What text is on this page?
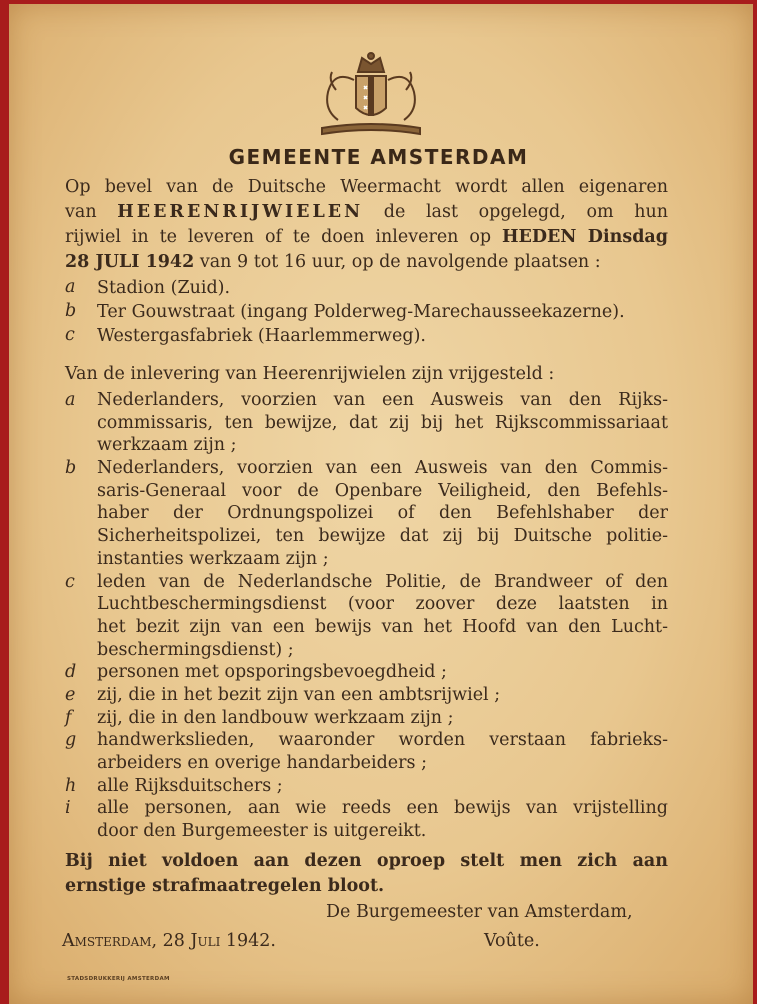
GEMEENTE AMSTERDAM
Op bevel van de Duitsche Weermacht wordt allen eigenaren
van HEERENRIJWIELEN de last opgelegd, om hun
rijwiel in te leveren of te doen inleveren op HEDEN Dinsdag
28 JULI 1942 van 9 tot 16 uur, op de navolgende plaatsen :
a Stadion (Zuid).
b Ter Gouwstraat (ingang Polderweg-Marechausseekazerne).
c Westergasfabriek (Haarlemmerweg).
Van de inlevering van Heerenrijwielen zijn vrijgesteld :
a Nederlanders, voorzien van een Ausweis van den Rijks-
commissaris, ten bewijze, dat zij bij het Rijkscommissariaat
werkzaam zijn ;
b Nederlanders, voorzien van een Ausweis van den Commis-
saris-Generaal voor de Openbare Veiligheid, den Befehls-
haber der Ordnungspolizei of den Befehlshaber der
Sicherheitspolizei, ten bewijze dat zij bij Duitsche politie-
instanties werkzaam zijn ;
c leden van de Nederlandsche Politie, de Brandweer of den
Luchtbeschermingsdienst (voor zoover deze laatsten in
het bezit zijn van een bewijs van het Hoofd van den Lucht-
beschermingsdienst) ;
d personen met opsporingsbevoegdheid ;
e zij, die in het bezit zijn van een ambtsrijwiel ;
f zij, die in den landbouw werkzaam zijn ;
g handwerkslieden, waaronder worden verstaan fabrieks-
arbeiders en overige handarbeiders ;
h alle Rijksduitschers ;
i alle personen, aan wie reeds een bewijs van vrijstelling
door den Burgemeester is uitgereikt.
Bij niet voldoen aan dezen oproep stelt men zich aan
ernstige strafmaatregelen bloot.
De Burgemeester van Amsterdam,
Amsterdam, 28 Juli 1942.	Voûte.
STADSDRUKKERIJ AMSTERDAM
